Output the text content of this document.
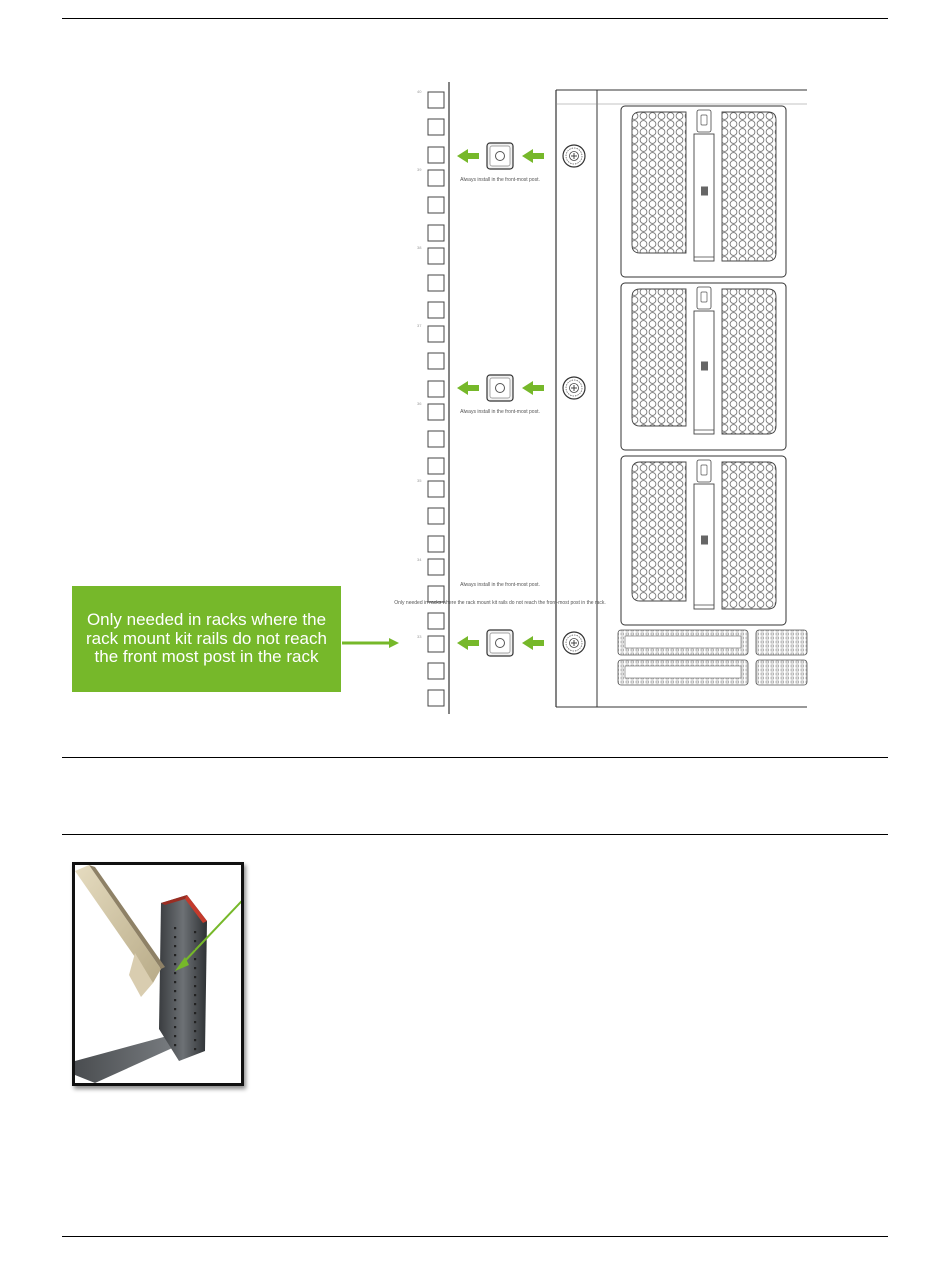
40
39
38
37
36
35
34
33
Always install in the front-most post.
Always install in the front-most post.
Always install in the front-most post.
Only needed in racks where the rack mount kit rails do not reach the front-most post in the rack.
Only needed in racks where the rack mount kit rails do not reach the front most post in the rack
